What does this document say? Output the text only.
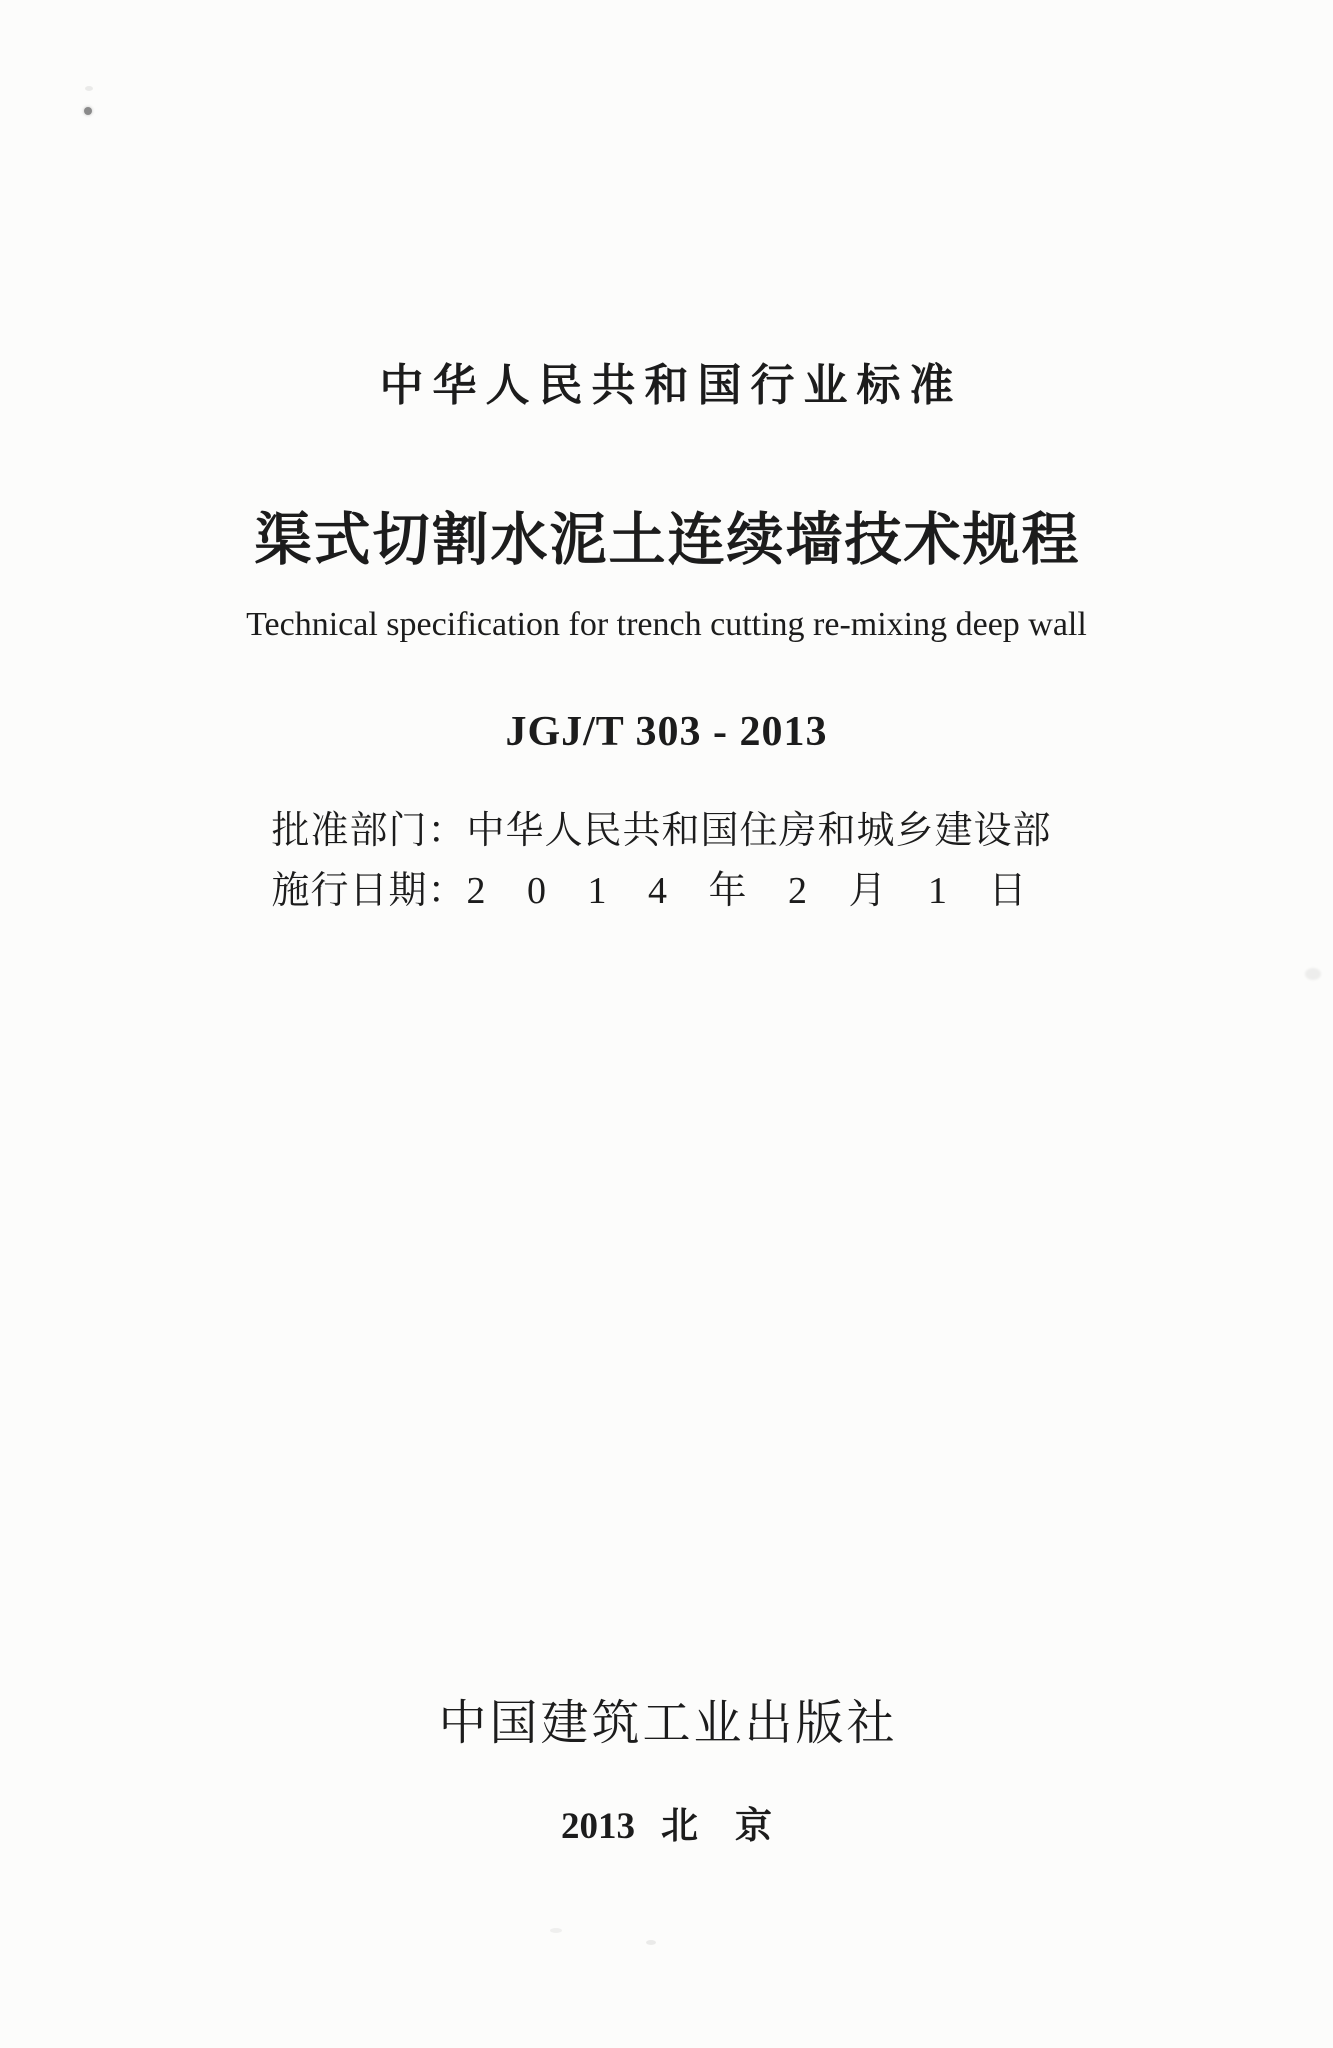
中华人民共和国行业标准
渠式切割水泥土连续墙技术规程
Technical specification for trench cutting re-mixing deep wall
JGJ/T 303 - 2013
批准部门：中华人民共和国住房和城乡建设部
施行日期：2 0 1 4 年 2 月 1 日
中国建筑工业出版社
2013 北　京
